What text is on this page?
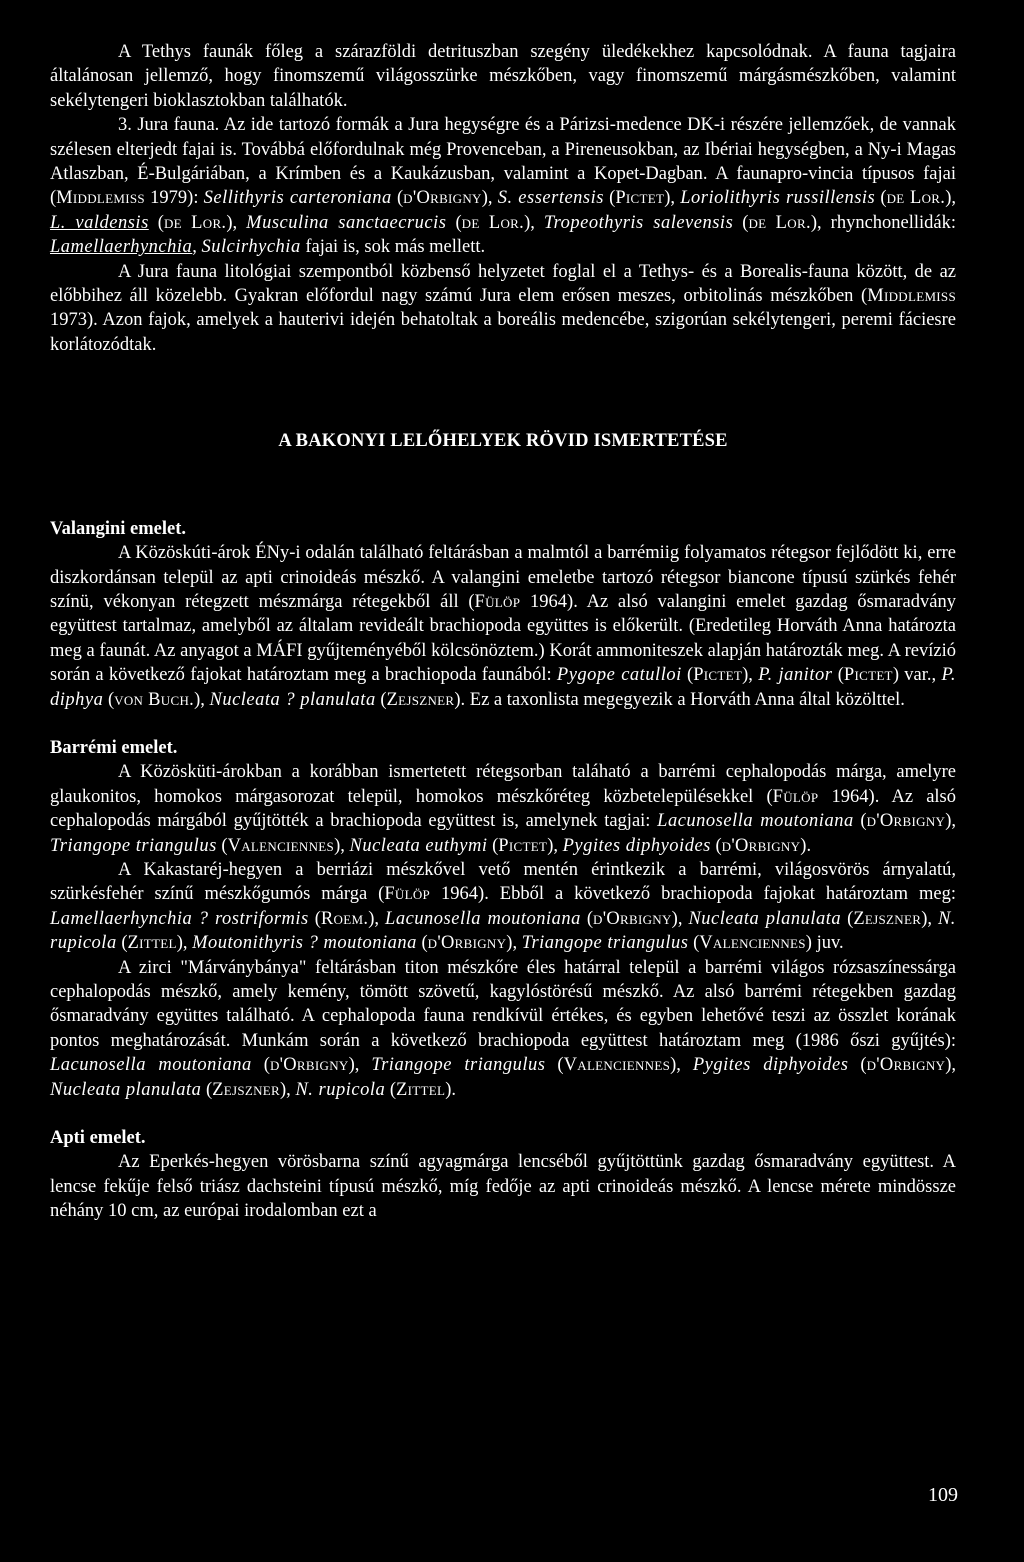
A Tethys faunák főleg a szárazföldi detrituszban szegény üledékekhez kapcsolódnak. A fauna tagjaira általánosan jellemző, hogy finomszemű világosszürke mészkőben, vagy finomszemű márgásmészkőben, valamint sekélytengeri bioklasztokban találhatók.

3. Jura fauna. Az ide tartozó formák a Jura hegységre és a Párizsi-medence DK-i részére jellemzőek, de vannak szélesen elterjedt fajai is. Továbbá előfordulnak még Provenceban, a Pireneusokban, az Ibériai hegységben, a Ny-i Magas Atlaszban, É-Bulgáriában, a Krímben és a Kaukázusban, valamint a Kopet-Dagban. A faunapro-vincia típusos fajai (Middlemiss 1979): Sellithyris carteroniana (d'Orbigny), S. essertensis (Pictet), Loriolithyris russillensis (de Lor.), L. valdensis (de Lor.), Musculina sanctaecrucis (de Lor.), Tropeothyris salevensis (de Lor.), rhynchonellidák: Lamellaerhynchia, Sulcirhychia fajai is, sok más mellett.

A Jura fauna litológiai szempontból közbenső helyzetet foglal el a Tethys- és a Borealis-fauna között, de az előbbihez áll közelebb. Gyakran előfordul nagy számú Jura elem erősen meszes, orbitolinás mészkőben (Middlemiss 1973). Azon fajok, amelyek a hauterivi idején behatoltak a boreális medencébe, szigorúan sekélytengeri, peremi fáciesre korlátozódtak.

A BAKONYI LELŐHELYEK RÖVID ISMERTETÉSE
Valangini emelet.

A Közöskúti-árok ÉNy-i odalán található feltárásban a malmtól a barrémiig folyamatos rétegsor fejlődött ki, erre diszkordánsan települ az apti crinoideás mészkő. A valangini emeletbe tartozó rétegsor biancone típusú szürkés fehér színü, vékonyan rétegzett mészmárga rétegekből áll (Fülöp 1964). Az alsó valangini emelet gazdag ősmaradvány együttest tartalmaz, amelyből az általam revideált brachiopoda együttes is előkerült. (Eredetileg Horváth Anna határozta meg a faunát. Az anyagot a MÁFI gyűjteményéből kölcsönöztem.) Korát ammoniteszek alapján határozták meg. A revízió során a következő fajokat határoztam meg a brachiopoda faunából: Pygope catulloi (Pictet), P. janitor (Pictet) var., P. diphya (von Buch.), Nucleata ? planulata (Zejszner). Ez a taxonlista megegyezik a Horváth Anna által közölttel.

Barrémi emelet.

A Közösküti-árokban a korábban ismertetett rétegsorban taláható a barrémi cephalopodás márga, amelyre glaukonitos, homokos márgasorozat települ, homokos mészkőréteg közbetelepülésekkel (Fülöp 1964). Az alsó cephalopodás márgából gyűjtötték a brachiopoda együttest is, amelynek tagjai: Lacunosella moutoniana (d'Orbigny), Triangope triangulus (Valenciennes), Nucleata euthymi (Pictet), Pygites diphyoides (d'Orbigny).

A Kakastaréj-hegyen a berriázi mészkővel vető mentén érintkezik a barrémi, világosvörös árnyalatú, szürkésfehér színű mészkőgumós márga (Fülöp 1964). Ebből a következő brachiopoda fajokat határoztam meg: Lamellaerhynchia ? rostriformis (Roem.), Lacunosella moutoniana (d'Orbigny), Nucleata planulata (Zejszner), N. rupicola (Zittel), Moutonithyris ? moutoniana (d'Orbigny), Triangope triangulus (Valenciennes) juv.

A zirci "Márványbánya" feltárásban titon mészkőre éles határral települ a barrémi világos rózsaszínessárga cephalopodás mészkő, amely kemény, tömött szövetű, kagylóstörésű mészkő. Az alsó barrémi rétegekben gazdag ősmaradvány együttes található. A cephalopoda fauna rendkívül értékes, és egyben lehetővé teszi az összlet korának pontos meghatározását. Munkám során a következő brachiopoda együttest határoztam meg (1986 őszi gyűjtés): Lacunosella moutoniana (d'Orbigny), Triangope triangulus (Valenciennes), Pygites diphyoides (d'Orbigny), Nucleata planulata (Zejszner), N. rupicola (Zittel).

Apti emelet.

Az Eperkés-hegyen vörösbarna színű agyagmárga lencséből gyűjtöttünk gazdag ősmaradvány együttest. A lencse fekűje felső triász dachsteini típusú mészkő, míg fedője az apti crinoideás mészkő. A lencse mérete mindössze néhány 10 cm, az európai irodalomban ezt a

109
